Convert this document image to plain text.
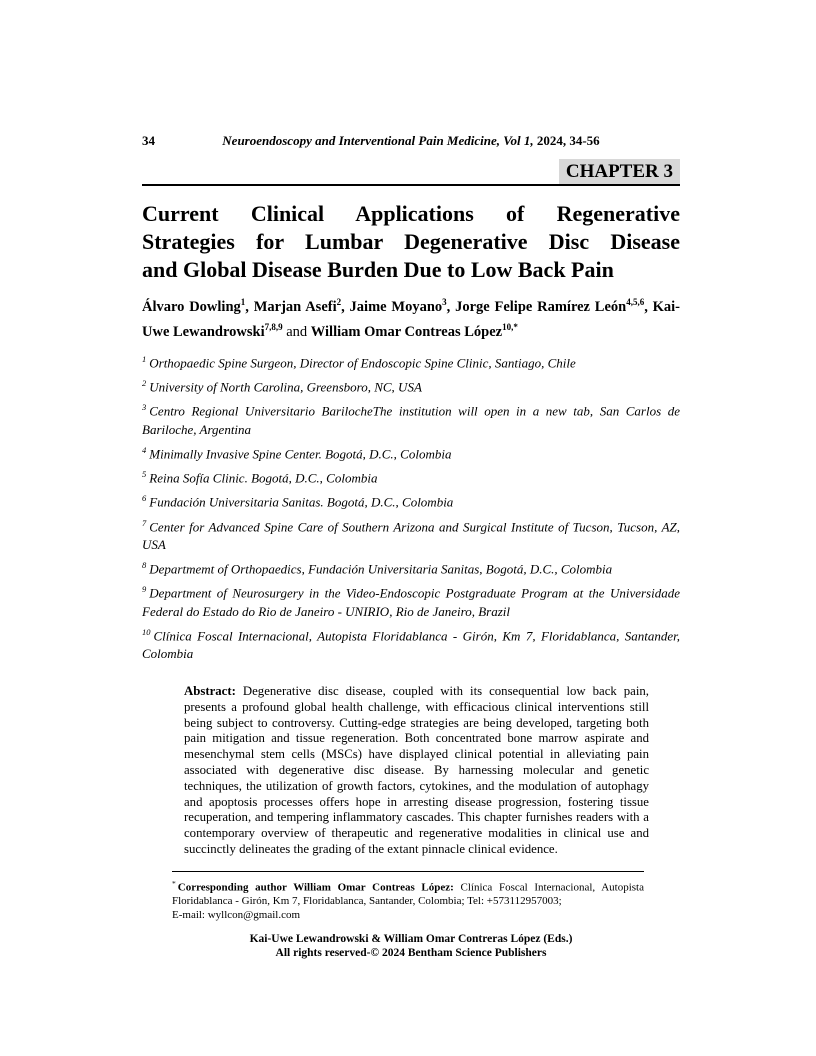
34	Neuroendoscopy and Interventional Pain Medicine, Vol 1, 2024, 34-56
CHAPTER 3
Current Clinical Applications of Regenerative
Strategies for Lumbar Degenerative Disc Disease
and Global Disease Burden Due to Low Back Pain

Álvaro Dowling$^1$, Marjan Asefi$^2$, Jaime Moyano$^3$, Jorge Felipe Ramírez León$^{4,5,6}$, Kai-Uwe Lewandrowski$^{7,8,9}$ and William Omar Contreas López$^{10,*}$

$^1$ Orthopaedic Spine Surgeon, Director of Endoscopic Spine Clinic, Santiago, Chile

$^2$ University of North Carolina, Greensboro, NC, USA

$^3$ Centro Regional Universitario BarilocheThe institution will open in a new tab, San Carlos de Bariloche, Argentina

$^4$ Minimally Invasive Spine Center. Bogotá, D.C., Colombia

$^5$ Reina Sofía Clinic. Bogotá, D.C., Colombia

$^6$ Fundación Universitaria Sanitas. Bogotá, D.C., Colombia

$^7$ Center for Advanced Spine Care of Southern Arizona and Surgical Institute of Tucson, Tucson, AZ, USA

$^8$ Departmemt of Orthopaedics, Fundación Universitaria Sanitas, Bogotá, D.C., Colombia

$^9$ Department of Neurosurgery in the Video-Endoscopic Postgraduate Program at the Universidade Federal do Estado do Rio de Janeiro - UNIRIO, Rio de Janeiro, Brazil

$^{10}$ Clínica Foscal Internacional, Autopista Floridablanca - Girón, Km 7, Floridablanca, Santander, Colombia

Abstract: Degenerative disc disease, coupled with its consequential low back pain, presents a profound global health challenge, with efficacious clinical interventions still being subject to controversy. Cutting-edge strategies are being developed, targeting both pain mitigation and tissue regeneration. Both concentrated bone marrow aspirate and mesenchymal stem cells (MSCs) have displayed clinical potential in alleviating pain associated with degenerative disc disease. By harnessing molecular and genetic techniques, the utilization of growth factors, cytokines, and the modulation of autophagy and apoptosis processes offers hope in arresting disease progression, fostering tissue recuperation, and tempering inflammatory cascades. This chapter furnishes readers with a contemporary overview of therapeutic and regenerative modalities in clinical use and succinctly delineates the grading of the extant pinnacle clinical evidence.

* Corresponding author William Omar Contreas López: Clínica Foscal Internacional, Autopista Floridablanca - Girón, Km 7, Floridablanca, Santander, Colombia; Tel: +573112957003;
E-mail: wyllcon@gmail.com
Kai-Uwe Lewandrowski & William Omar Contreras López (Eds.)
All rights reserved-© 2024 Bentham Science Publishers
